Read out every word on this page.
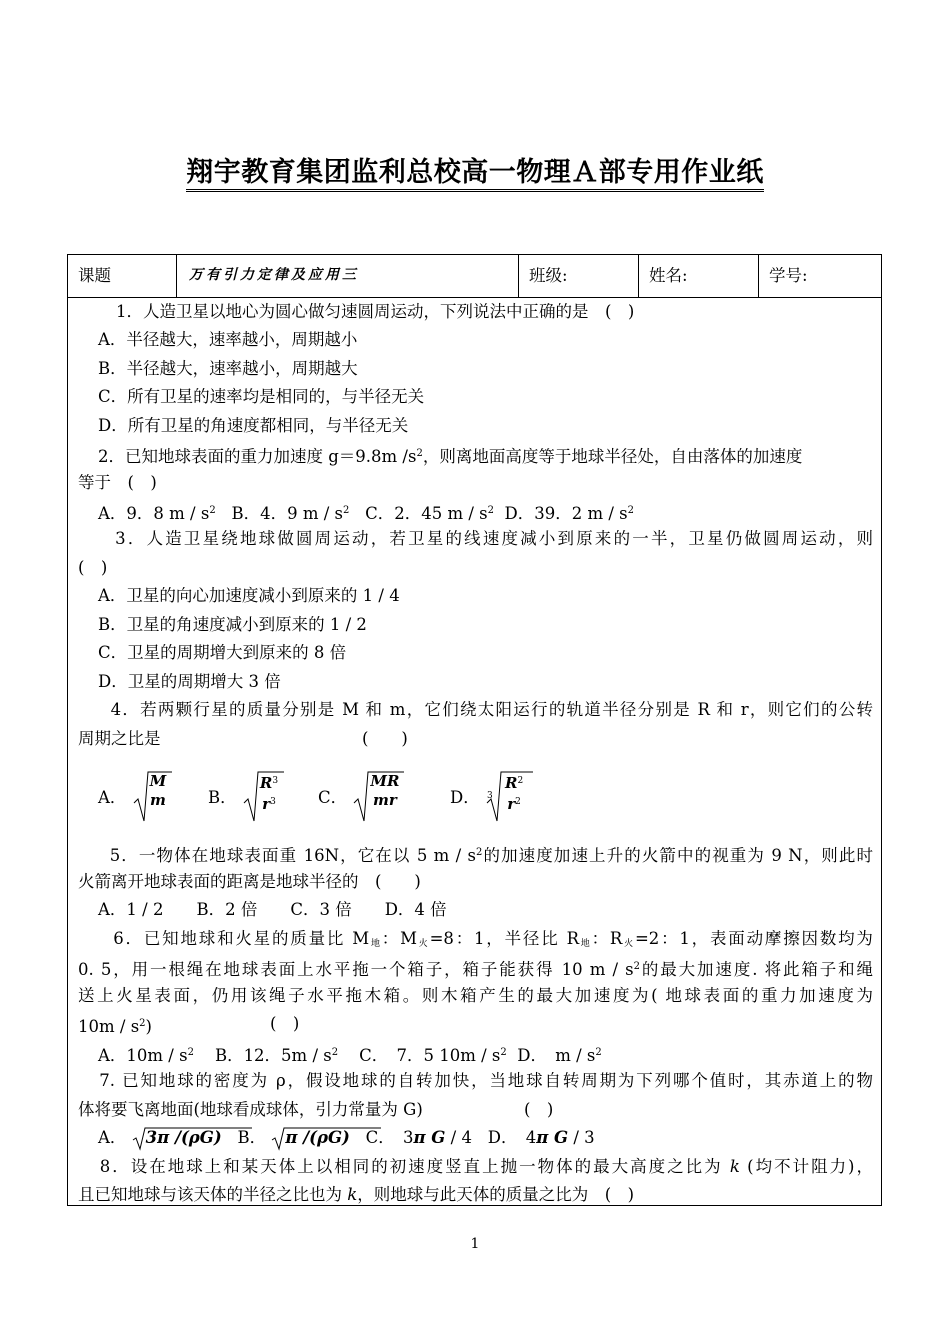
翔宇教育集团监利总校高一物理Ａ部专用作业纸
课题	万有引力定律及应用三	班级:	姓名:	学号:
1．人造卫星以地心为圆心做匀速圆周运动，下列说法中正确的是　(　)
A．半径越大，速率越小，周期越小
B．半径越大，速率越小，周期越大
C．所有卫星的速率均是相同的，与半径无关
D．所有卫星的角速度都相同，与半径无关
2．已知地球表面的重力加速度 g＝9.8m $/s^2$，则离地面高度等于地球半径处，自由落体的加速度
等于　(　)
A．9．8 m / $s^2$ B．4．9 m / $s^2$ C．2．45 m / $s^2$ D．39．2 m / $s^2$
3．人造卫星绕地球做圆周运动，若卫星的线速度减小到原来的一半，卫星仍做圆周运动，则
(　)
A．卫星的向心加速度减小到原来的 1 / 4
B．卫星的角速度减小到原来的 1 / 2
C．卫星的周期增大到原来的 8 倍
D．卫星的周期增大 3 倍
4．若两颗行星的质量分别是 M 和 m，它们绕太阳运行的轨道半径分别是 R 和 r，则它们的公转
周期之比是	(　　)
A．
M
m	B．
$R^3$
$r^3$	C．
MR
mr	D． 3
$R^2$
$r^2$
5．一物体在地球表面重 16N，它在以 5 m / $s^2$的加速度加速上升的火箭中的视重为 9 N，则此时
火箭离开地球表面的距离是地球半径的　(　　)
A．1 / 2　　B．2 倍　　C．3 倍　　D．4 倍
6．已知地球和火星的质量比 $M_地$：$M_火=8$：1，半径比 $R_地$：$R_火=2$：1，表面动摩擦因数均为
0. 5，用一根绳在地球表面上水平拖一个箱子，箱子能获得 10 m / $s^2$的最大加速度. 将此箱子和绳
送上火星表面，仍用该绳子水平拖木箱。则木箱产生的最大加速度为( 地球表面的重力加速度为
$10m / s^2$)	(　)
A．$10m / s^2$ B．12．$5m / s^2$ C．　7．5 $10m / s^2$ D．　m / $s^2$
7. 已知地球的密度为 ρ，假设地球的自转加快，当地球自转周期为下列哪个值时，其赤道上的物
体将要飞离地面(地球看成球体，引力常量为 G)	(　)
A． 3π /(ρG) B． π /(ρG) C．　3π G / 4 D．　4π G / 3
8．设在地球上和某天体上以相同的初速度竖直上抛一物体的最大高度之比为 k (均不计阻力)，
且已知地球与该天体的半径之比也为 k，则地球与此天体的质量之比为　(　)
1
